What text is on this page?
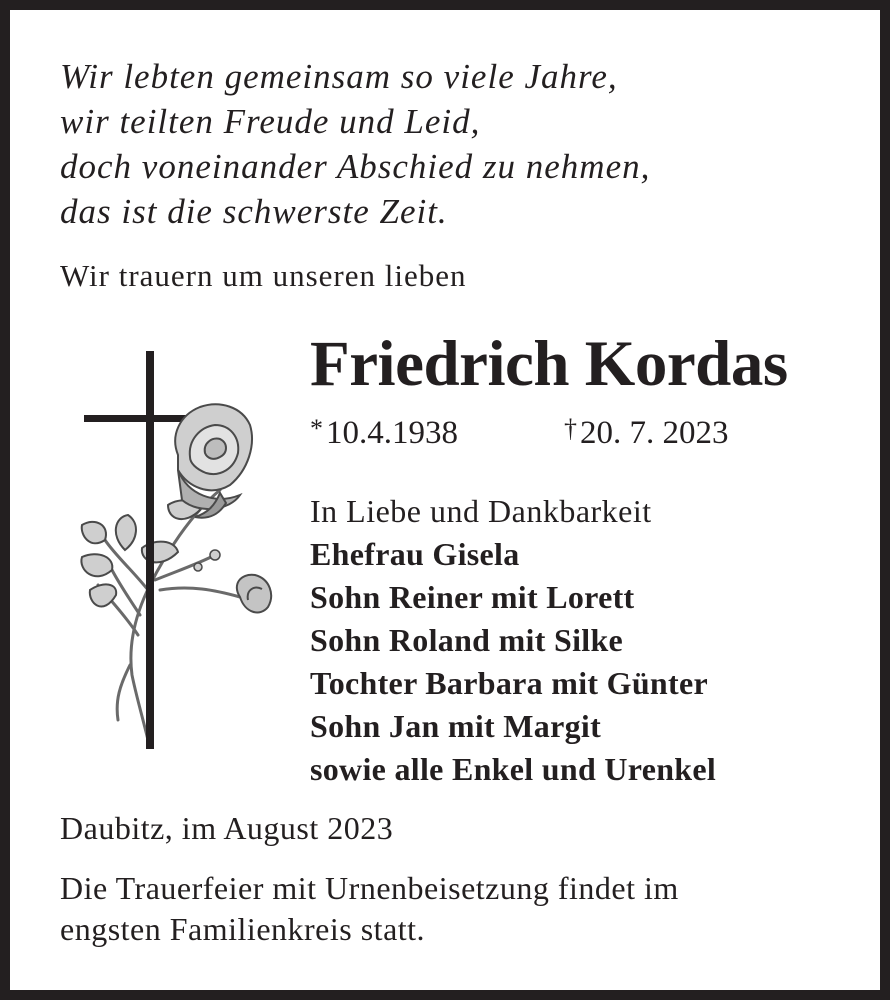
Wir lebten gemeinsam so viele Jahre,
wir teilten Freude und Leid,
doch voneinander Abschied zu nehmen,
das ist die schwerste Zeit.
Wir trauern um unseren lieben
Friedrich Kordas
*10.4.1938	†20. 7. 2023
In Liebe und Dankbarkeit
Ehefrau Gisela
Sohn Reiner mit Lorett
Sohn Roland mit Silke
Tochter Barbara mit Günter
Sohn Jan mit Margit
sowie alle Enkel und Urenkel
Daubitz, im August 2023
Die Trauerfeier mit Urnenbeisetzung findet im
engsten Familienkreis statt.
